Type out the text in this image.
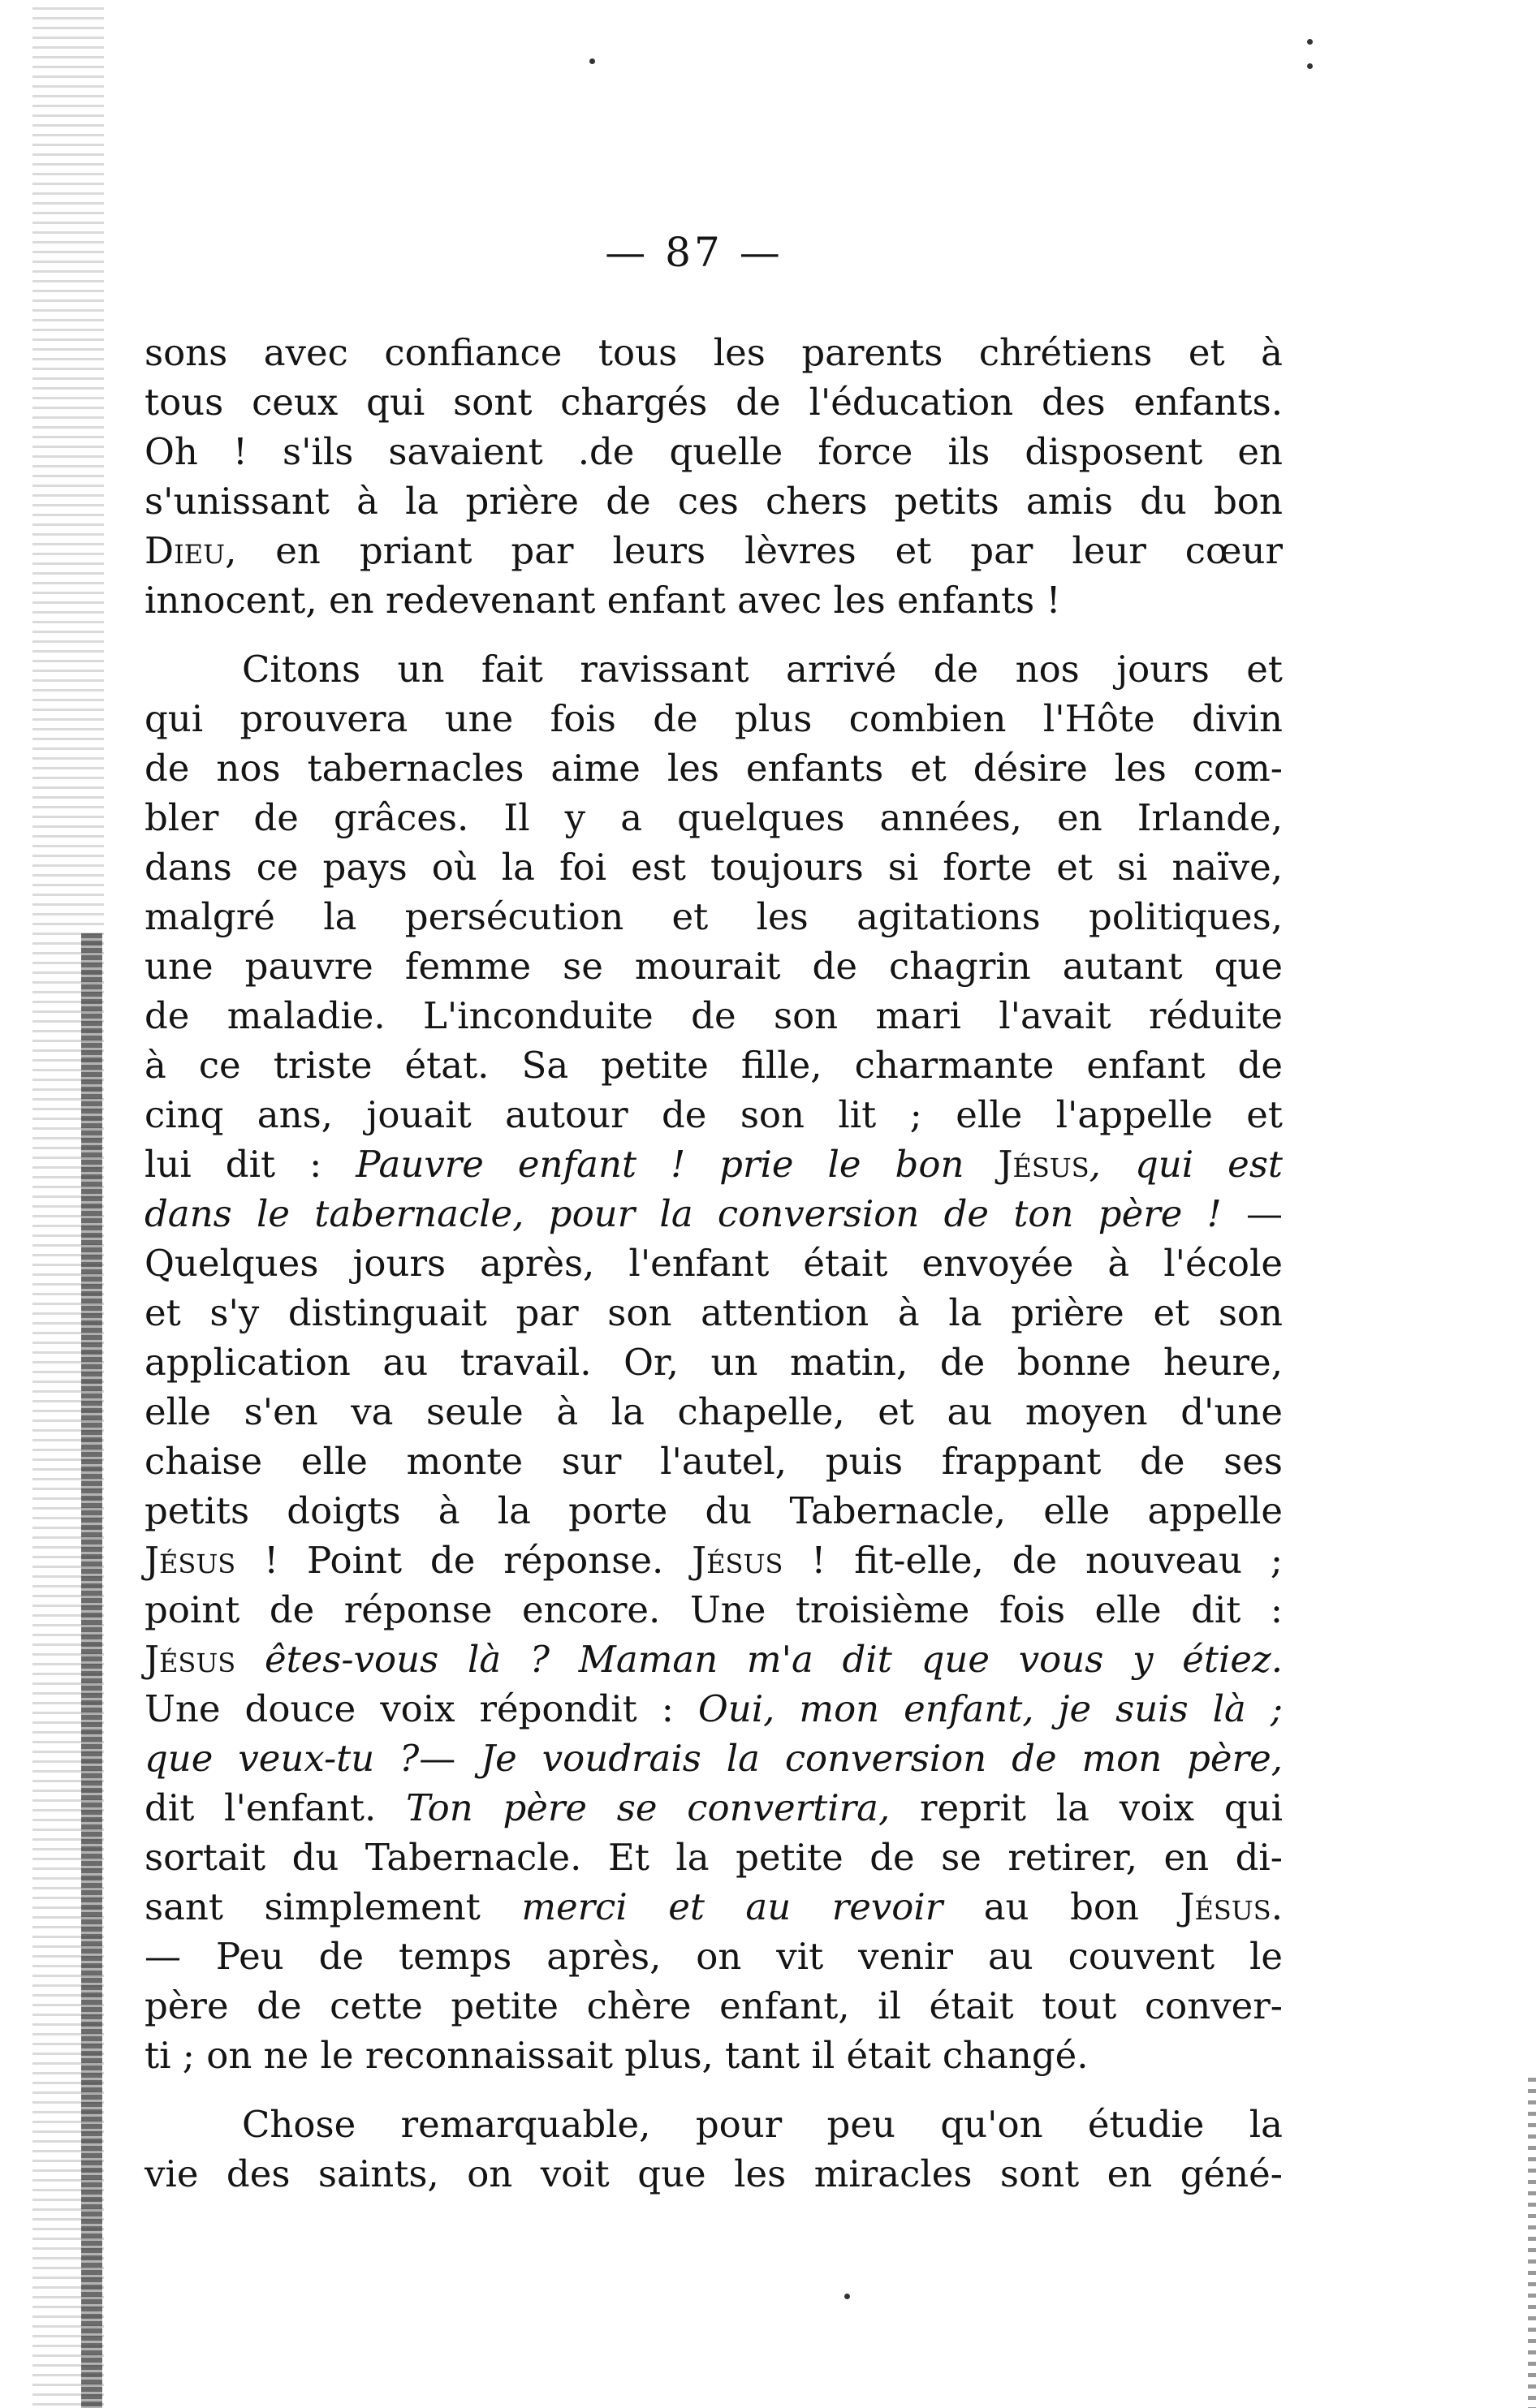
— 87 —
sons avec confiance tous les parents chrétiens et à
tous ceux qui sont chargés de l'éducation des enfants.
Oh ! s'ils savaient .de quelle force ils disposent en
s'unissant à la prière de ces chers petits amis du bon
Dieu, en priant par leurs lèvres et par leur cœur
innocent, en redevenant enfant avec les enfants !
Citons un fait ravissant arrivé de nos jours et
qui prouvera une fois de plus combien l'Hôte divin
de nos tabernacles aime les enfants et désire les com-
bler de grâces. Il y a quelques années, en Irlande,
dans ce pays où la foi est toujours si forte et si naïve,
malgré la persécution et les agitations politiques,
une pauvre femme se mourait de chagrin autant que
de maladie. L'inconduite de son mari l'avait réduite
à ce triste état. Sa petite fille, charmante enfant de
cinq ans, jouait autour de son lit ; elle l'appelle et
lui dit : Pauvre enfant ! prie le bon Jésus, qui est
dans le tabernacle, pour la conversion de ton père ! —
Quelques jours après, l'enfant était envoyée à l'école
et s'y distinguait par son attention à la prière et son
application au travail. Or, un matin, de bonne heure,
elle s'en va seule à la chapelle, et au moyen d'une
chaise elle monte sur l'autel, puis frappant de ses
petits doigts à la porte du Tabernacle, elle appelle
Jésus ! Point de réponse. Jésus ! fit-elle, de nouveau ;
point de réponse encore. Une troisième fois elle dit :
Jésus êtes-vous là ? Maman m'a dit que vous y étiez.
Une douce voix répondit : Oui, mon enfant, je suis là ;
que veux-tu ?— Je voudrais la conversion de mon père,
dit l'enfant. Ton père se convertira, reprit la voix qui
sortait du Tabernacle. Et la petite de se retirer, en di-
sant simplement merci et au revoir au bon Jésus.
— Peu de temps après, on vit venir au couvent le
père de cette petite chère enfant, il était tout conver-
ti ; on ne le reconnaissait plus, tant il était changé.
Chose remarquable, pour peu qu'on étudie la
vie des saints, on voit que les miracles sont en géné-
